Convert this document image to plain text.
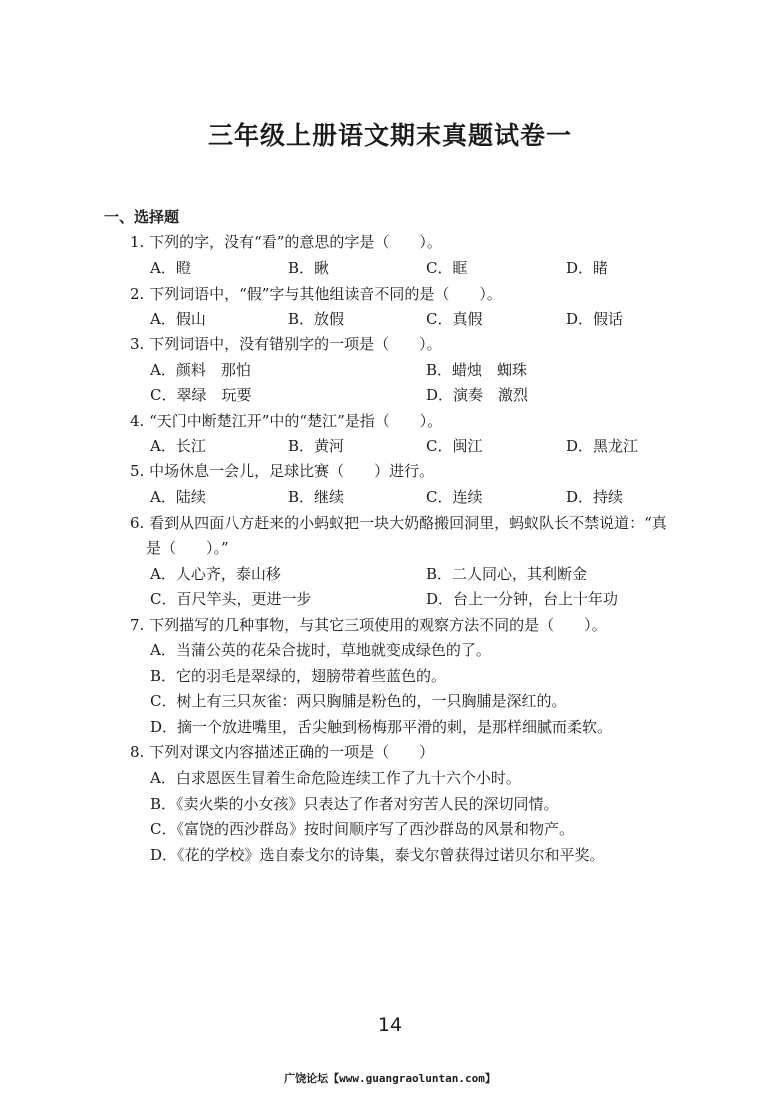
三年级上册语文期末真题试卷一
一、选择题
1. 下列的字，没有“看”的意思的字是（　　）。
A．瞪	B．瞅	C．眶	D．睹
2. 下列词语中，“假”字与其他组读音不同的是（　　）。
A．假山	B．放假	C．真假	D．假话
3. 下列词语中，没有错别字的一项是（　　）。
A．颜料　那怕	B．蜡烛　蜘珠
C．翠绿　玩要	D．演奏　激烈
4. “天门中断楚江开”中的“楚江”是指（　　）。
A．长江	B．黄河	C．闽江	D．黑龙江
5. 中场休息一会儿，足球比赛（　　）进行。
A．陆续	B．继续	C．连续	D．持续
6. 看到从四面八方赶来的小蚂蚁把一块大奶酪搬回洞里，蚂蚁队长不禁说道：“真
是（　　）。”
A．人心齐，泰山移	B．二人同心，其利断金
C．百尺竿头，更进一步	D．台上一分钟，台上十年功
7. 下列描写的几种事物，与其它三项使用的观察方法不同的是（　　）。
A．当蒲公英的花朵合拢时，草地就变成绿色的了。
B．它的羽毛是翠绿的，翅膀带着些蓝色的。
C．树上有三只灰雀：两只胸脯是粉色的，一只胸脯是深红的。
D．摘一个放进嘴里，舌尖触到杨梅那平滑的刺，是那样细腻而柔软。
8. 下列对课文内容描述正确的一项是（　　）
A．白求恩医生冒着生命危险连续工作了九十六个小时。
B．《卖火柴的小女孩》只表达了作者对穷苦人民的深切同情。
C．《富饶的西沙群岛》按时间顺序写了西沙群岛的风景和物产。
D．《花的学校》选自泰戈尔的诗集，泰戈尔曾获得过诺贝尔和平奖。
14
广饶论坛【www.guangraoluntan.com】
